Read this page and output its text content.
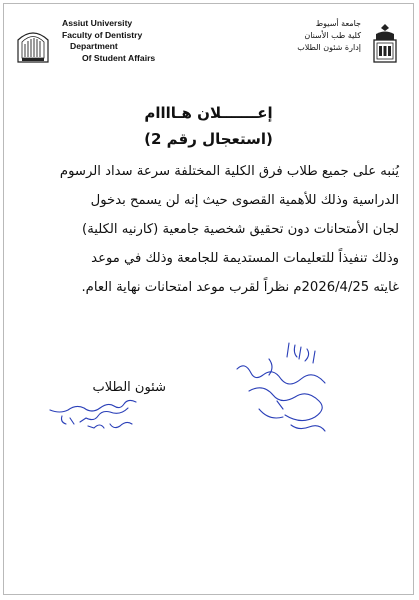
Assiut University
Faculty of Dentistry
Department
Of Student Affairs
جامعة أسيوط
كلية طب الأسنان
إدارة شئون الطلاب
إعـــــــلان هـاااام
(استعجال رقم 2)
يُنبه على جميع طلاب فرق الكلية المختلفة سرعة سداد الرسوم
الدراسية وذلك للأهمية القصوى حيث إنه لن يسمح بدخول
لجان الأمتحانات دون تحقيق شخصية جامعية (كارنيه الكلية)
وذلك تنفيذاً للتعليمات المستديمة للجامعة وذلك في موعد
غايته 2026/4/25م نظراً لقرب موعد امتحانات نهاية العام.
شئون الطلاب
